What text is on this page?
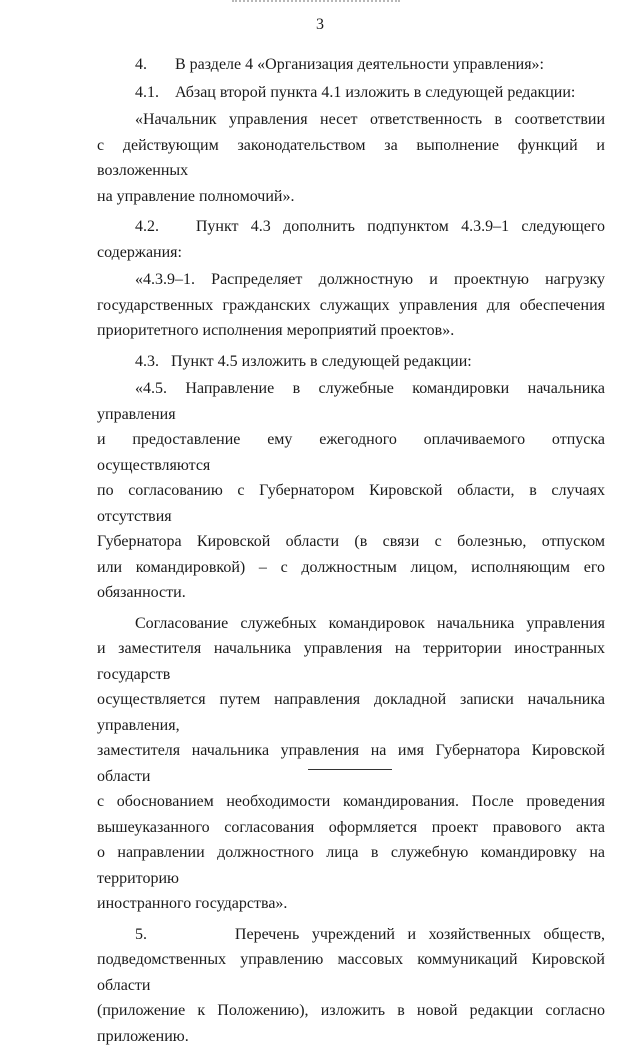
3

4.       В разделе 4 «Организация деятельности управления»:

4.1.    Абзац второй пункта 4.1 изложить в следующей редакции:

«Начальник управления несет ответственность в соответствии

с действующим законодательством за выполнение функций и возложенных

на управление полномочий».

4.2.   Пункт 4.3 дополнить подпунктом 4.3.9–1 следующего содержания:

«4.3.9–1. Распределяет должностную и проектную нагрузку

государственных гражданских служащих управления для обеспечения

приоритетного исполнения мероприятий проектов».

4.3.   Пункт 4.5 изложить в следующей редакции:

«4.5. Направление в служебные командировки начальника управления

и предоставление ему ежегодного оплачиваемого отпуска осуществляются

по согласованию с Губернатором Кировской области, в случаях отсутствия

Губернатора Кировской области (в связи с болезнью, отпуском

или командировкой) – с должностным лицом, исполняющим его обязанности.

Согласование служебных командировок начальника управления

и заместителя начальника управления на территории иностранных государств

осуществляется путем направления докладной записки начальника управления,

заместителя начальника управления на имя Губернатора Кировской области

с обоснованием необходимости командирования. После проведения

вышеуказанного согласования оформляется проект правового акта

о направлении должностного лица в служебную командировку на территорию

иностранного государства».

5.       Перечень учреждений и хозяйственных обществ,

подведомственных управлению массовых коммуникаций Кировской области

(приложение к Положению), изложить в новой редакции согласно приложению.
